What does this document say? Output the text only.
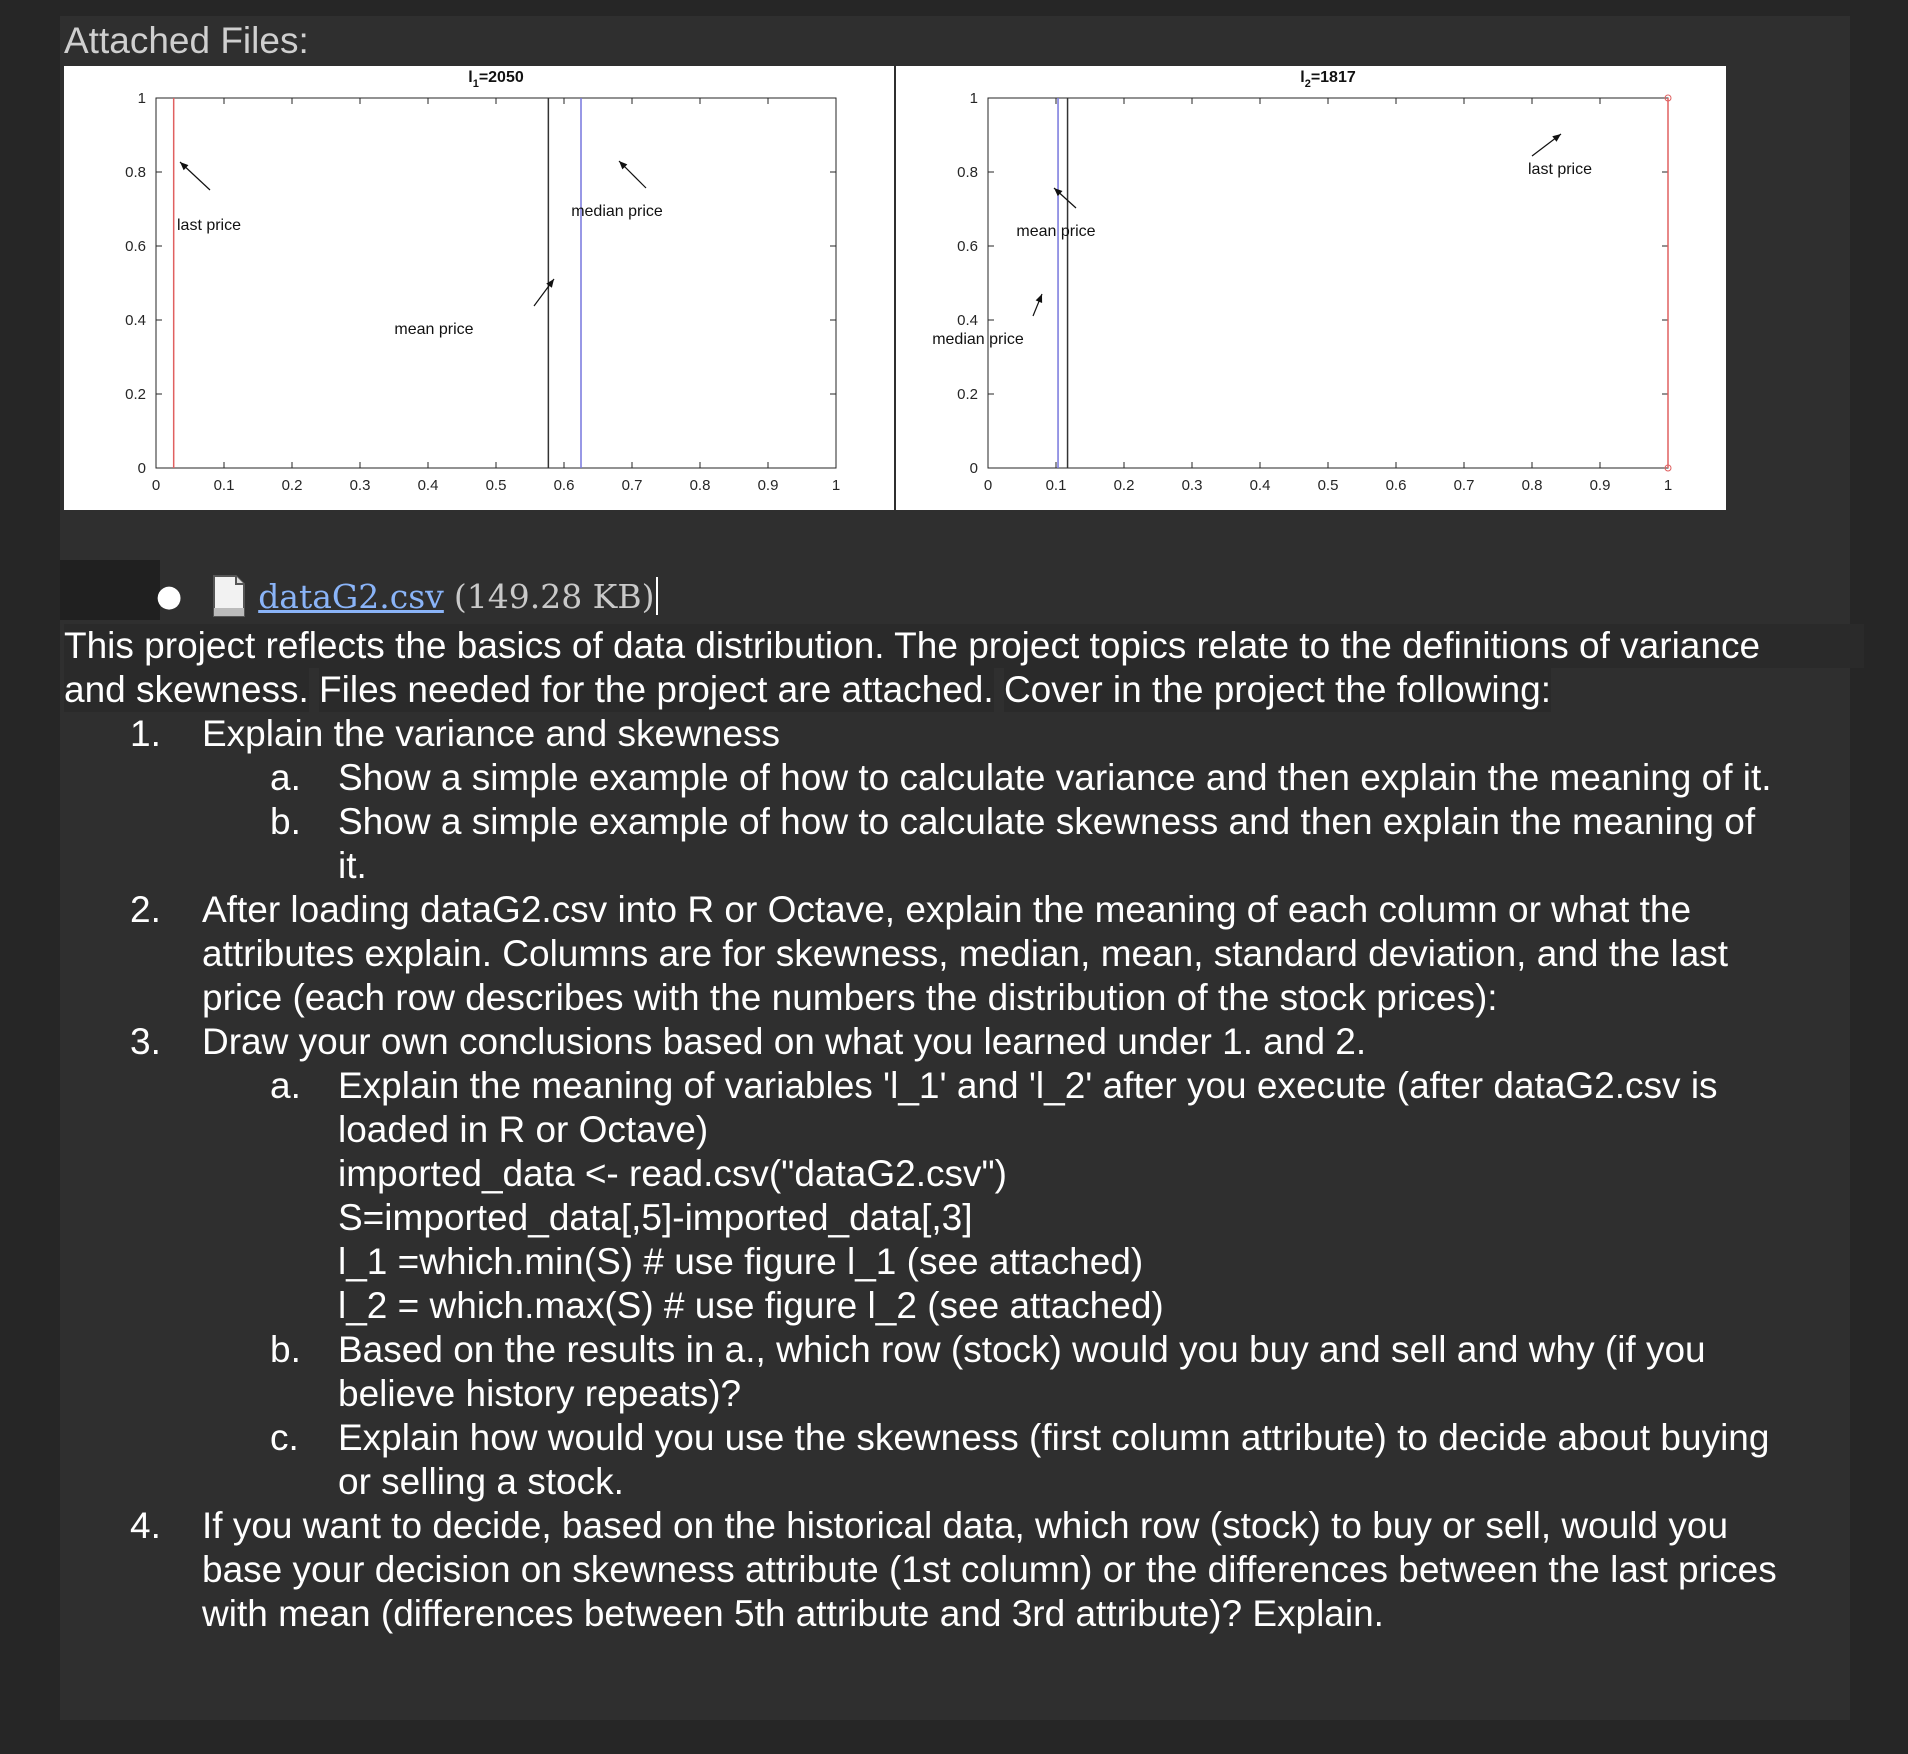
Attached Files:
0	0.1	0.2	0.3	0.4	0.5	0.6	0.7	0.8	0.9	1
0
0.2
0.4
0.6
0.8
1
$l_1=2050$
last price
mean price
median price
0	0.1	0.2	0.3	0.4	0.5	0.6	0.7	0.8	0.9	1
0
0.2
0.4
0.6
0.8
1
$l_2=1817$
last price
mean price
median price
● dataG2.csv (149.28 KB)
This project reflects the basics of data distribution. The project topics relate to the definitions of variance
and skewness. Files needed for the project are attached. Cover in the project the following:
1. Explain the variance and skewness
a. Show a simple example of how to calculate variance and then explain the meaning of it.
b. Show a simple example of how to calculate skewness and then explain the meaning of
it.
2. After loading dataG2.csv into R or Octave, explain the meaning of each column or what the
attributes explain. Columns are for skewness, median, mean, standard deviation, and the last
price (each row describes with the numbers the distribution of the stock prices):
3. Draw your own conclusions based on what you learned under 1. and 2.
a. Explain the meaning of variables 'l_1' and 'l_2' after you execute (after dataG2.csv is
loaded in R or Octave)
imported_data <- read.csv("dataG2.csv")
S=imported_data[,5]-imported_data[,3]
l_1 =which.min(S) # use figure l_1 (see attached)
l_2 = which.max(S) # use figure l_2 (see attached)
b. Based on the results in a., which row (stock) would you buy and sell and why (if you
believe history repeats)?
c. Explain how would you use the skewness (first column attribute) to decide about buying
or selling a stock.
4. If you want to decide, based on the historical data, which row (stock) to buy or sell, would you
base your decision on skewness attribute (1st column) or the differences between the last prices
with mean (differences between 5th attribute and 3rd attribute)? Explain.
